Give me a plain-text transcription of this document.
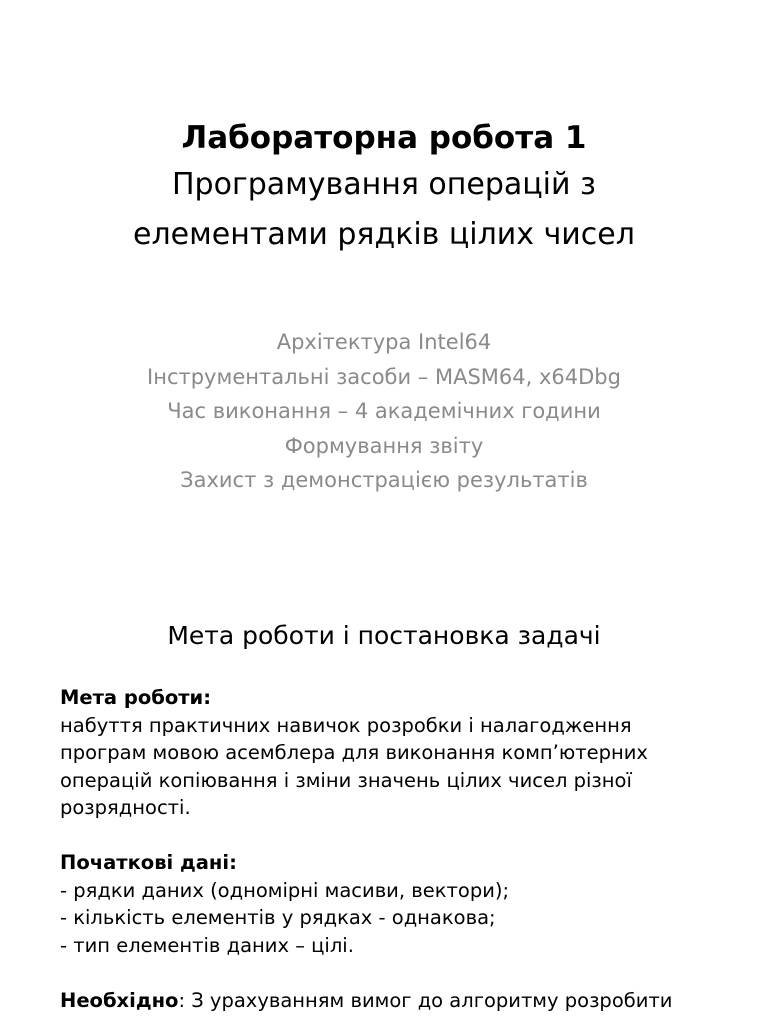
Лабораторна робота 1

Програмування операцій з

елементами рядків цілих чисел

Архітектура Intel64
Інструментальні засоби – MASM64, x64Dbg
Час виконання – 4 академічних години
Формування звіту
Захист з демонстрацією результатів
Мета роботи і постановка задачі

Мета роботи:

набуття практичних навичок розробки і налагодження

програм мовою асемблера для виконання комп’ютерних

операцій копіювання і зміни значень цілих чисел різної

розрядності.

Початкові дані:

- рядки даних (одномірні масиви, вектори);

- кількість елементів у рядках - однакова;

- тип елементів даних – цілі.

Необхідно: З урахуванням вимог до алгоритму розробити
